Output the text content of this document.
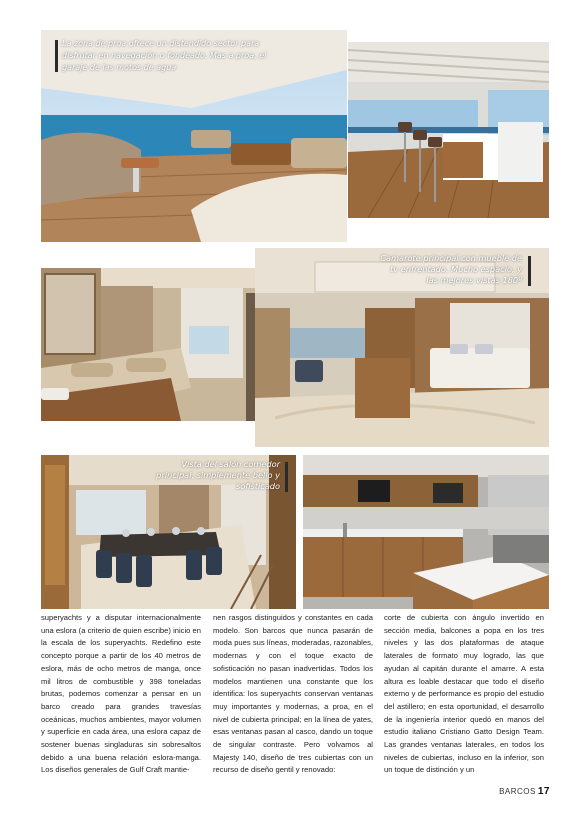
La zona de proa ofrece un distendido sector para disfrutar en navegación o fondeado. Mas a proa, el garaje de las motos de agua
Camarote principal con mueble de tv enfrentado. Mucho espacio, y las mejores vistas 180º
Vista del salón comedor principal, simplemente bello y sofisticado
superyachts y a disputar internacionalmente una eslora (a criterio de quien escribe) inicio en la escala de los superyachts. Redefino este concepto porque a partir de los 40 metros de eslora, más de ocho metros de manga, once mil litros de combustible y 398 toneladas brutas, podemos comenzar a pensar en un barco creado para grandes travesías oceánicas, muchos ambientes, mayor volumen y superficie en cada área, una eslora capaz de sostener buenas singladuras sin sobresaltos debido a una buena relación eslora-manga. Los diseños generales de Gulf Craft mantie-
nen rasgos distinguidos y constantes en cada modelo. Son barcos que nunca pasarán de moda pues sus líneas, moderadas, razonables, modernas y con el toque exacto de sofisticación no pasan inadvertidas. Todos los modelos mantienen una constante que los identifica: los superyachts conservan ventanas muy importantes y modernas, a proa, en el nivel de cubierta principal; en la línea de yates, esas ventanas pasan al casco, dando un toque de singular contraste. Pero volvamos al Majesty 140, diseño de tres cubiertas con un recurso de diseño gentil y renovado:
corte de cubierta con ángulo invertido en sección media, balcones a popa en los tres niveles y las dos plataformas de ataque laterales de formato muy logrado, las que ayudan al capitán durante el amarre. A esta altura es loable destacar que todo el diseño externo y de performance es propio del estudio del astillero; en esta oportunidad, el desarrollo de la ingeniería interior quedó en manos del estudio italiano Cristiano Gatto Design Team. Las grandes ventanas laterales, en todos los niveles de cubiertas, incluso en la inferior, son un toque de distinción y un
BARCOS 17
